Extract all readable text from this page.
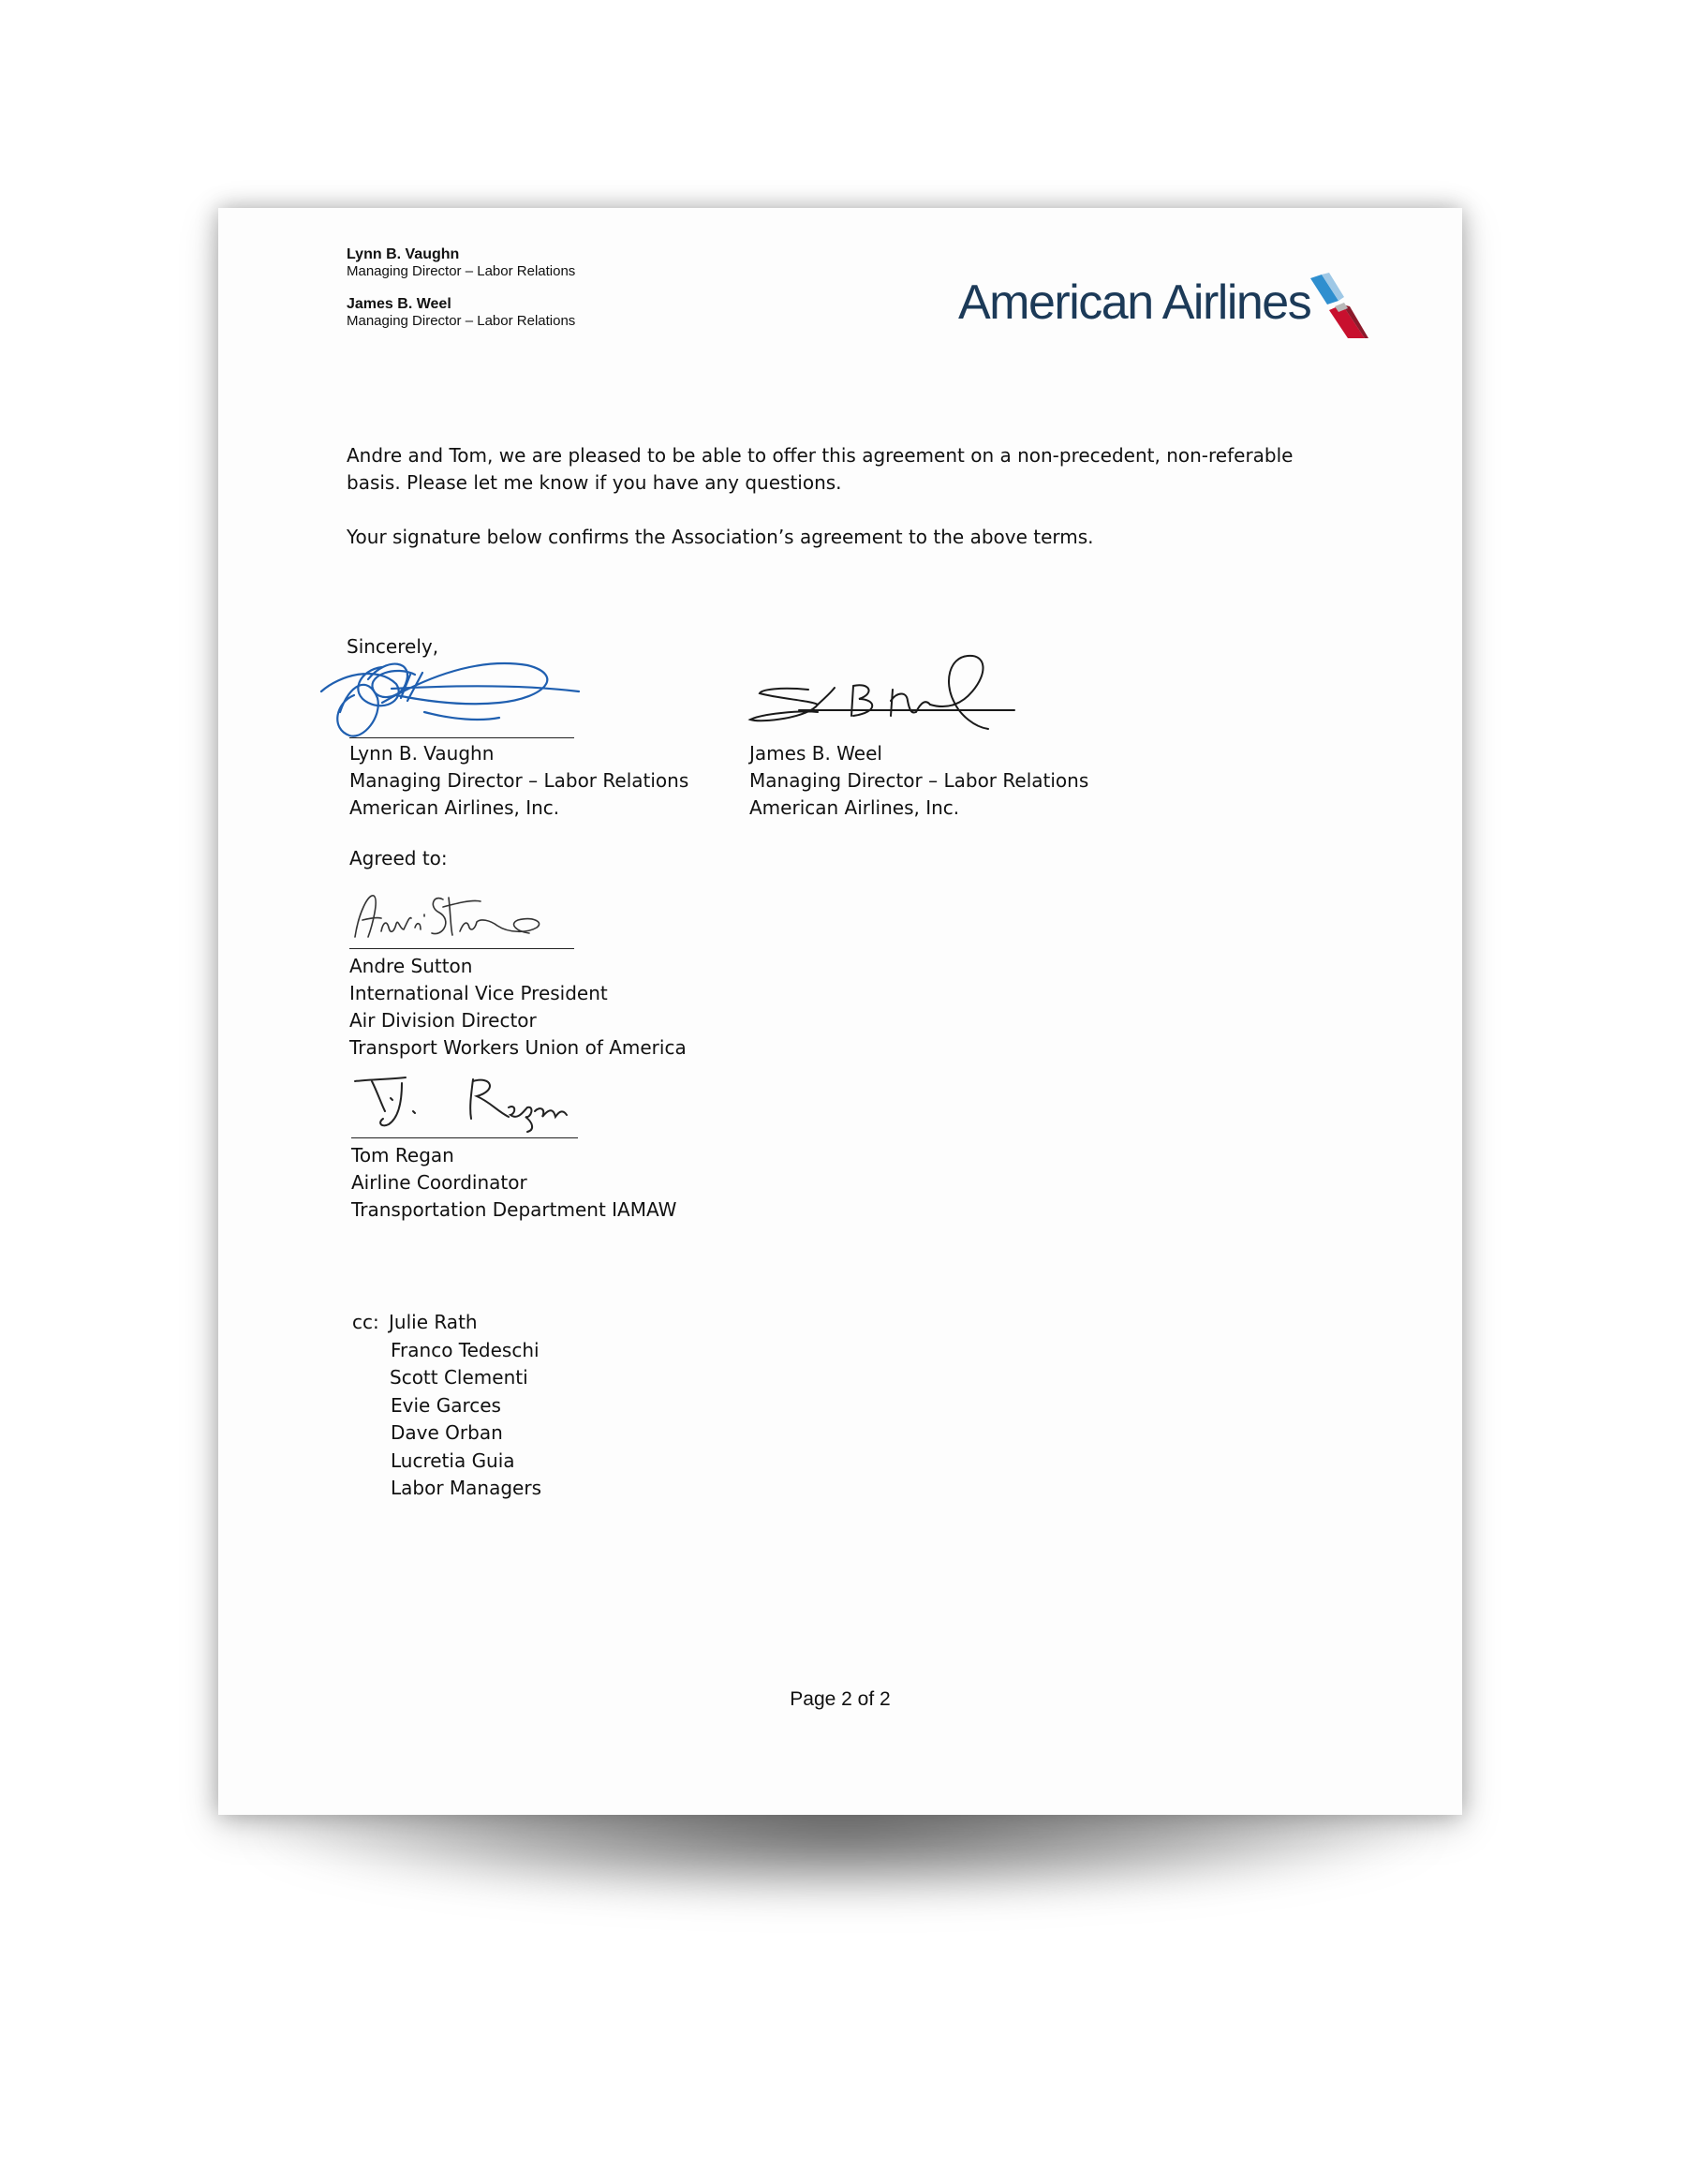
Lynn B. Vaughn
Managing Director – Labor Relations
James B. Weel
Managing Director – Labor Relations	American Airlines
Andre and Tom, we are pleased to be able to offer this agreement on a non-precedent, non-referable
basis. Please let me know if you have any questions.
Your signature below confirms the Association’s agreement to the above terms.
Sincerely,
Lynn B. Vaughn
Managing Director – Labor Relations
American Airlines, Inc.
James B. Weel
Managing Director – Labor Relations
American Airlines, Inc.
Agreed to:
Andre Sutton
International Vice President
Air Division Director
Transport Workers Union of America
Tom Regan
Airline Coordinator
Transportation Department IAMAW
cc: Julie Rath
Franco Tedeschi
Scott Clementi
Evie Garces
Dave Orban
Lucretia Guia
Labor Managers
Page 2 of 2
